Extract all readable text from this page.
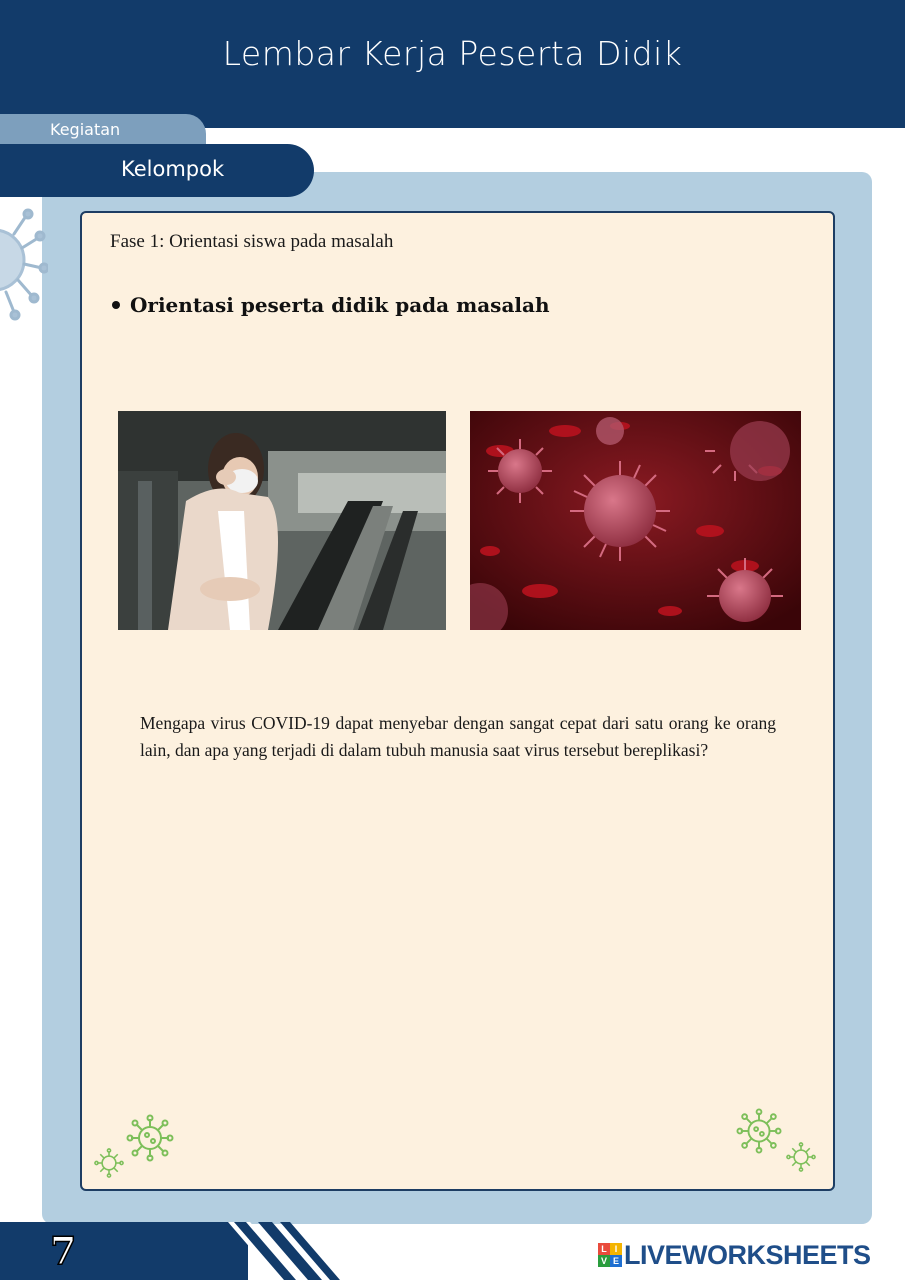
Lembar Kerja Peserta Didik
Kegiatan
Kelompok
Fase 1: Orientasi siswa pada masalah
Orientasi peserta didik pada masalah
Mengapa virus COVID-19 dapat menyebar dengan sangat cepat dari satu orang ke orang lain, dan apa yang terjadi di dalam tubuh manusia saat virus tersebut bereplikasi?
7	L I
V E LIVEWORKSHEETS
